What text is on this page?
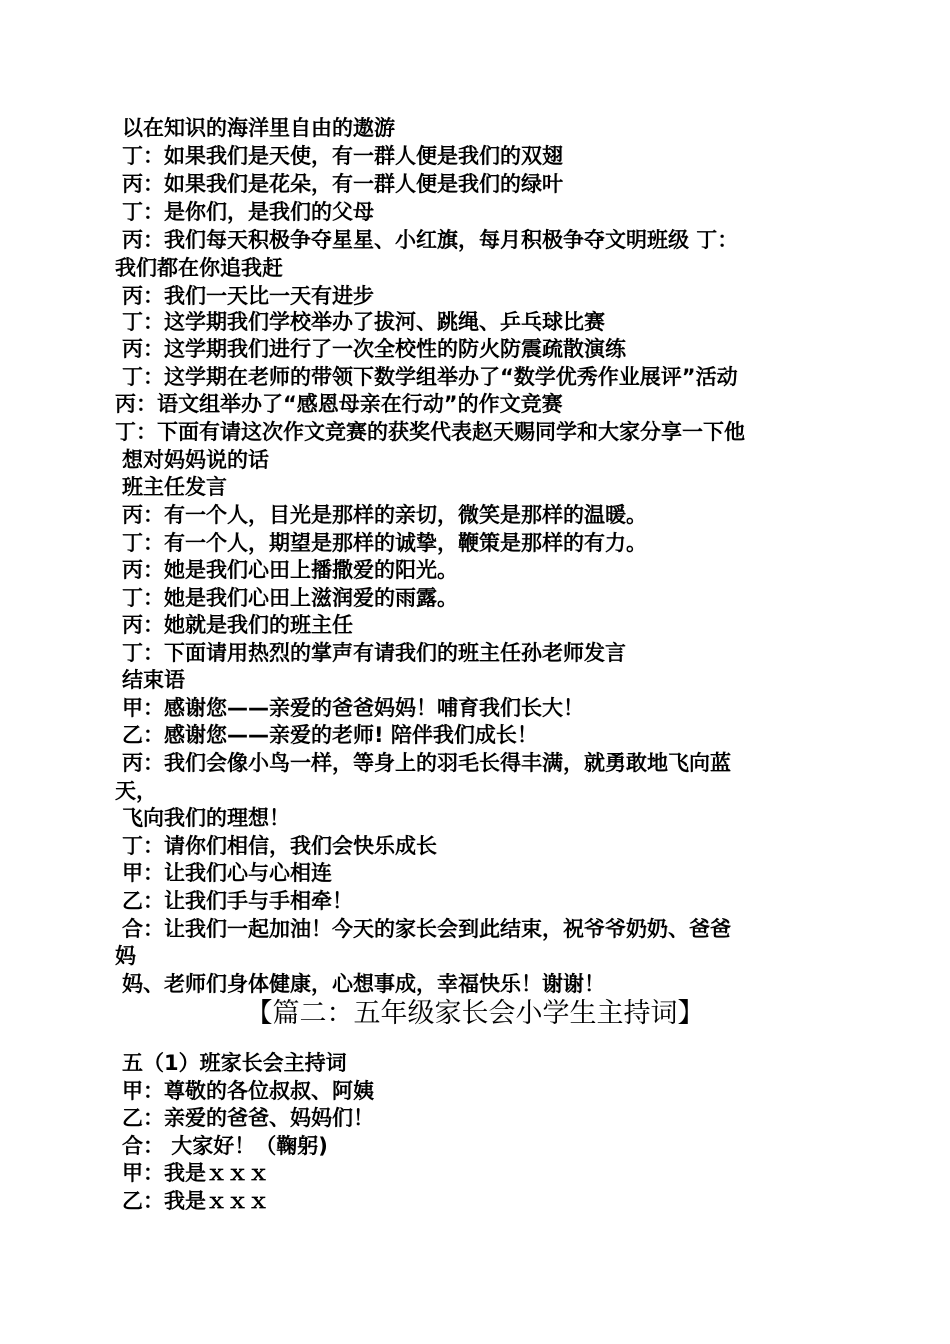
以在知识的海洋里自由的遨游
丁：如果我们是天使，有一群人便是我们的双翅
丙：如果我们是花朵，有一群人便是我们的绿叶
丁：是你们，是我们的父母
丙：我们每天积极争夺星星、小红旗，每月积极争夺文明班级 丁：
我们都在你追我赶
丙：我们一天比一天有进步
丁：这学期我们学校举办了拔河、跳绳、乒乓球比赛
丙：这学期我们进行了一次全校性的防火防震疏散演练
丁：这学期在老师的带领下数学组举办了“数学优秀作业展评”活动
丙：语文组举办了“感恩母亲在行动”的作文竞赛
丁：下面有请这次作文竞赛的获奖代表赵天赐同学和大家分享一下他
想对妈妈说的话
班主任发言
丙：有一个人，目光是那样的亲切，微笑是那样的温暖。
丁：有一个人，期望是那样的诚挚，鞭策是那样的有力。
丙：她是我们心田上播撒爱的阳光。
丁：她是我们心田上滋润爱的雨露。
丙：她就是我们的班主任
丁：下面请用热烈的掌声有请我们的班主任孙老师发言
结束语
甲：感谢您——亲爱的爸爸妈妈！哺育我们长大！
乙：感谢您——亲爱的老师! 陪伴我们成长！
丙：我们会像小鸟一样，等身上的羽毛长得丰满，就勇敢地飞向蓝
天，
飞向我们的理想！
丁：请你们相信，我们会快乐成长
甲：让我们心与心相连
乙：让我们手与手相牵！
合：让我们一起加油！今天的家长会到此结束，祝爷爷奶奶、爸爸
妈
妈、老师们身体健康，心想事成，幸福快乐！谢谢！
【篇二：五年级家长会小学生主持词】
五（1）班家长会主持词
甲：尊敬的各位叔叔、阿姨
乙：亲爱的爸爸、妈妈们！
合： 大家好！（鞠躬)
甲：我是ｘｘｘ
乙：我是ｘｘｘ
